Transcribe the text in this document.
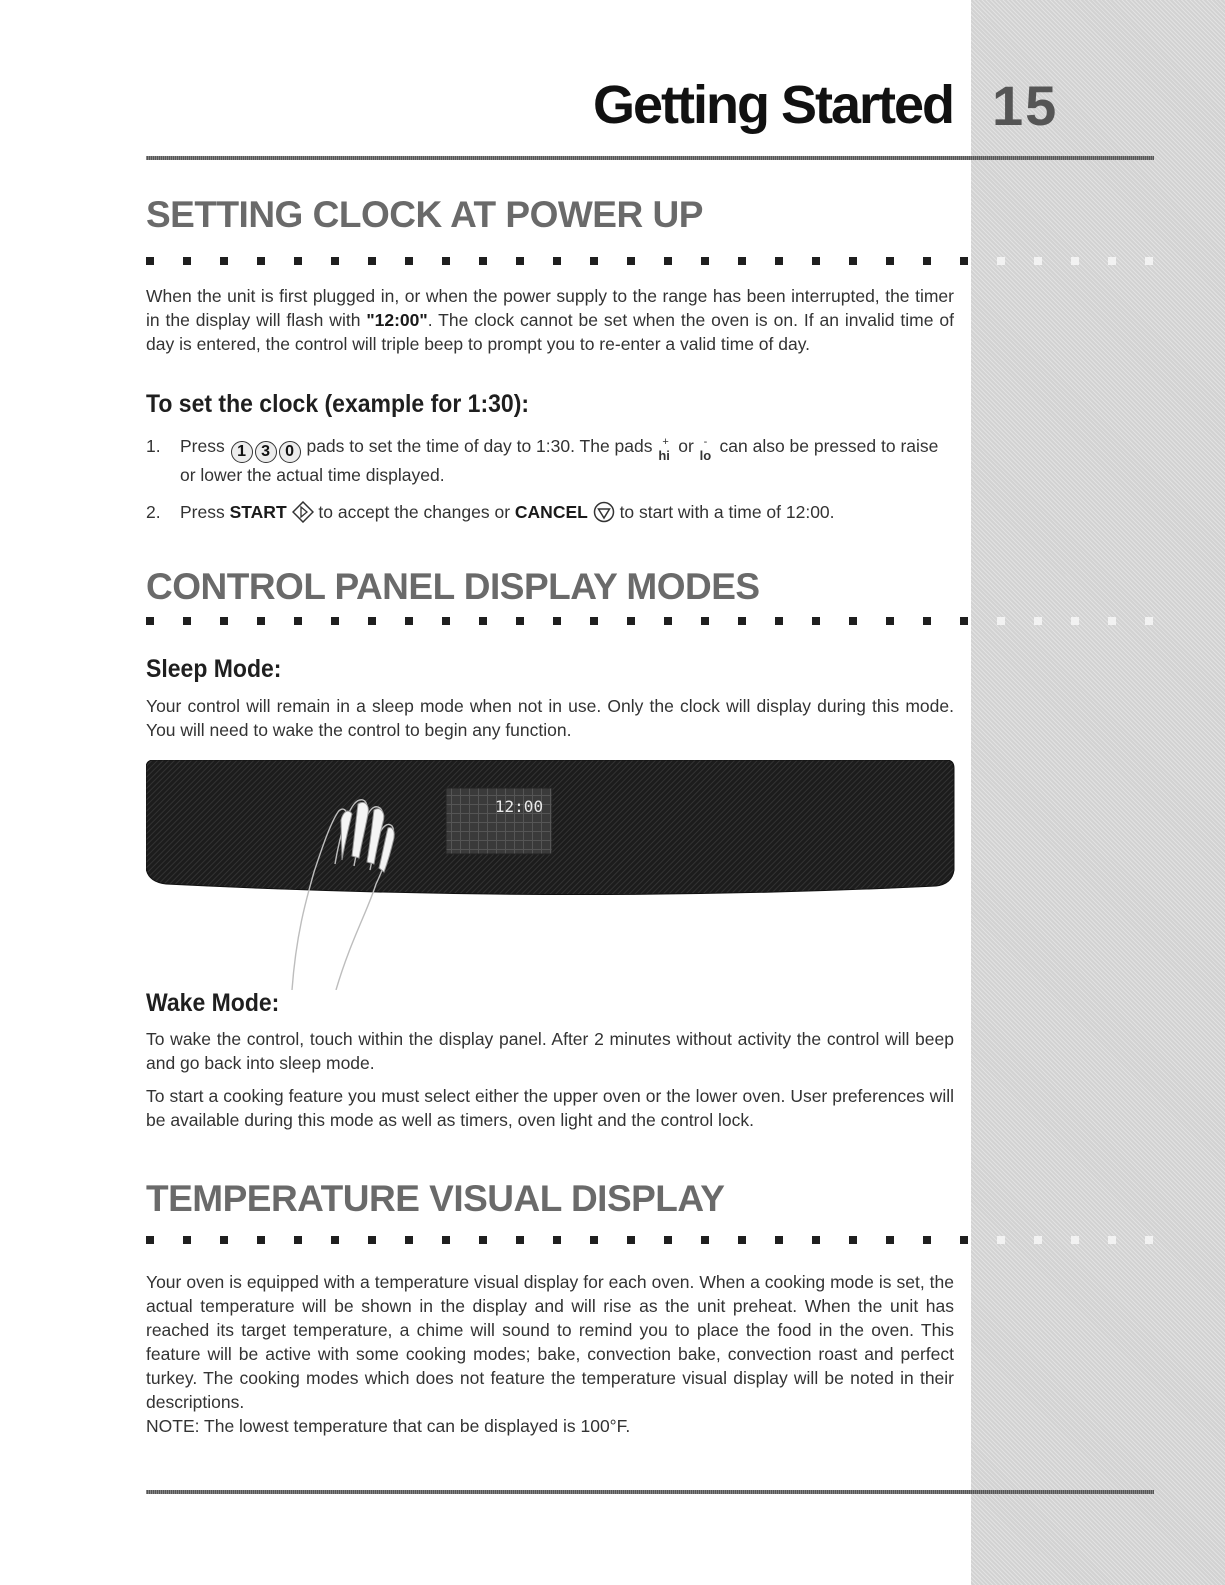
Getting Started 15
SETTING CLOCK AT POWER UP

When the unit is first plugged in, or when the power supply to the range has been interrupted, the timer in the display will flash with "12:00". The clock cannot be set when the oven is on. If an invalid time of day is entered, the control will triple beep to prompt you to re-enter a valid time of day.

To set the clock (example for 1:30):
1. Press 1 3 0 pads to set the time of day to 1:30. The pads +
hi or -
lo can also be pressed to raise or lower the actual time displayed.
2. Press START  to accept the changes or CANCEL  to start with a time of 12:00.
CONTROL PANEL DISPLAY MODES
Sleep Mode:

Your control will remain in a sleep mode when not in use. Only the clock will display during this mode. You will need to wake the control to begin any function.

12:00
Wake Mode:

To wake the control, touch within the display panel. After 2 minutes without activity the control will beep and go back into sleep mode.

To start a cooking feature you must select either the upper oven or the lower oven. User preferences will be available during this mode as well as timers, oven light and the control lock.

TEMPERATURE VISUAL DISPLAY

Your oven is equipped with a temperature visual display for each oven. When a cooking mode is set, the actual temperature will be shown in the display and will rise as the unit preheat. When the unit has reached its target temperature, a chime will sound to remind you to place the food in the oven. This feature will be active with some cooking modes; bake, convection bake, convection roast and perfect turkey. The cooking modes which does not feature the temperature visual display will be noted in their descriptions.

NOTE: The lowest temperature that can be displayed is 100°F.
